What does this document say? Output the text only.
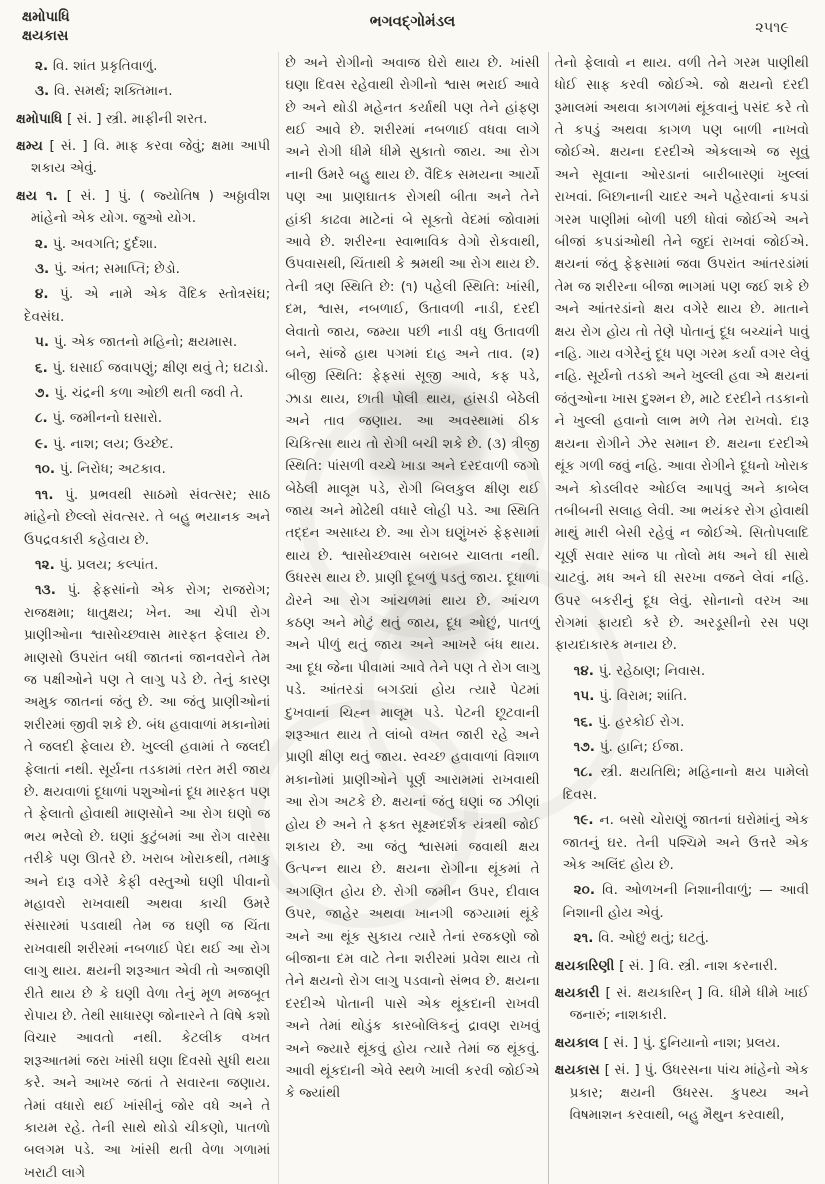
ક્ષમોપાધિ
ક્ષયકાસ
ભગવદ્ગોમંડલ	૨૫૧૯

૨. વિ. શાંત પ્રકૃતિવાળું.

૩. વિ. સમર્થ; શક્તિમાન.

ક્ષમોપાધિ [ સં. ] સ્ત્રી. માફીની શરત.

ક્ષમ્ય [ સં. ] વિ. માફ કરવા જેવું; ક્ષમા આપી શકાય એવું.

ક્ષય ૧. [ સં. ] પું. ( જ્યોતિષ ) અઠ્ઠાવીશ માંહેનો એક યોગ. જુઓ યોગ.

૨. પું. અવગતિ; દુર્દશા.

૩. પું. અંત; સમાપ્તિ; છેડો.

૪. પું. એ નામે એક વૈદિક સ્તોત્રસંઘ; દેવસંઘ.

૫. પું. એક જાતનો મહિનો; ક્ષયમાસ.

૬. પું. ઘસાઈ જવાપણું; ક્ષીણ થવું તે; ઘટાડો.

૭. પું. ચંદ્રની કળા ઓછી થતી જવી તે.

૮. પું. જમીનનો ઘસારો.

૯. પું. નાશ; લય; ઉચ્છેદ.

૧૦. પું. નિરોધ; અટકાવ.

૧૧. પું. પ્રભવથી સાઠમો સંવત્સર; સાઠ માંહેનો છેલ્લો સંવત્સર. તે બહુ ભયાનક અને ઉપદ્રવકારી કહેવાય છે.

૧૨. પું. પ્રલય; કલ્પાંત.

૧૩. પું. ફેફસાંનો એક રોગ; રાજરોગ; રાજક્ષમા; ધાતુક્ષય; ખેન. આ ચેપી રોગ પ્રાણીઓના શ્વાસોચ્છ્વાસ મારફત ફેલાય છે. માણસો ઉપરાંત બધી જાતનાં જાનવરોને તેમ જ પક્ષીઓને પણ તે લાગુ પડે છે. તેનું કારણ અમુક જાતનાં જંતુ છે. આ જંતુ પ્રાણીઓનાં શરીરમાં જીવી શકે છે. બંધ હવાવાળાં મકાનોમાં તે જલદી ફેલાય છે. ખુલ્લી હવામાં તે જલદી ફેલાતાં નથી. સૂર્યના તડકામાં તરત મરી જાય છે. ક્ષયવાળાં દૂધાળાં પશુઓનાં દૂધ મારફત પણ તે ફેલાતો હોવાથી માણસોને આ રોગ ઘણો જ ભય ભરેલો છે. ઘણાં કુટુંબમાં આ રોગ વારસા તરીકે પણ ઊતરે છે. ખરાબ ખોરાકથી, તમાકુ અને દારૂ વગેરે કેફી વસ્તુઓ ઘણી પીવાનો મહાવરો રાખવાથી અથવા કાચી ઉમરે સંસારમાં પડવાથી તેમ જ ઘણી જ ચિંતા રાખવાથી શરીરમાં નબળાઈ પેદા થઈ આ રોગ લાગુ થાય. ક્ષયની શરૂઆત એવી તો અજાણી રીતે થાય છે કે ઘણી વેળા તેનું મૂળ મજબૂત રોપાય છે. તેથી સાધારણ જોનારને તે વિષે કશો વિચાર આવતો નથી. કેટલીક વખત શરૂઆતમાં જરા ખાંસી ઘણા દિવસો સુધી થયા કરે. અને આખર જતાં તે સવારના જણાય. તેમાં વધારો થઈ ખાંસીનું જોર વધે અને તે કાયમ રહે. તેની સાથે થોડો ચીકણો, પાતળો બલગમ પડે. આ ખાંસી થતી વેળા ગળામાં ખરાટી લાગે

છે અને રોગીનો અવાજ ઘેરો થાય છે. ખાંસી ઘણા દિવસ રહેવાથી રોગીનો શ્વાસ ભરાઈ આવે છે અને થોડી મહેનત કર્યાથી પણ તેને હાંફણ થઈ આવે છે. શરીરમાં નબળાઈ વધવા લાગે અને રોગી ધીમે ધીમે સુકાતો જાય. આ રોગ નાની ઉમરે બહુ થાય છે. વૈદિક સમયના આર્યો પણ આ પ્રાણઘાતક રોગથી બીતા અને તેને હાંકી કાઢવા માટેનાં બે સૂક્તો વેદમાં જોવામાં આવે છે. શરીરના સ્વાભાવિક વેગો રોકવાથી, ઉપવાસથી, ચિંતાથી કે શ્રમથી આ રોગ થાય છે. તેની ત્રણ સ્થિતિ છે: (૧) પહેલી સ્થિતિ: ખાંસી, દમ, શ્વાસ, નબળાઈ, ઉતાવળી નાડી, દરદી લેવાતો જાય, જમ્યા પછી નાડી વધુ ઉતાવળી બને, સાંજે હાથ પગમાં દાહ અને તાવ. (૨) બીજી સ્થિતિ: ફેફસાં સૂજી આવે, કફ પડે, ઝાડા થાય, છાતી પોલી થાય, હાંસડી બેઠેલી અને તાવ જણાય. આ અવસ્થામાં ઠીક ચિકિત્સા થાય તો રોગી બચી શકે છે. (૩) ત્રીજી સ્થિતિ: પાંસળી વચ્ચે ખાડા અને દરદવાળી જગો બેઠેલી માલૂમ પડે, રોગી બિલકુલ ક્ષીણ થઈ જાય અને મોઢેથી વધારે લોહી પડે. આ સ્થિતિ તદ્દન અસાધ્ય છે. આ રોગ ઘણુંખરું ફેફસામાં થાય છે. શ્વાસોચ્છ્વાસ બરાબર ચાલતા નથી. ઉધરસ થાય છે. પ્રાણી દૂબળું પડતું જાય. દૂધાળાં ઢોરને આ રોગ આંચળમાં થાય છે. આંચળ કઠણ અને મોટું થતું જાય, દૂધ ઓછું, પાતળું અને પીળું થતું જાય અને આખરે બંધ થાય. આ દૂધ જેના પીવામાં આવે તેને પણ તે રોગ લાગુ પડે. આંતરડાં બગડ્યાં હોય ત્યારે પેટમાં દુખવાનાં ચિહ્ન માલૂમ પડે. પેટની છૂટવાની શરૂઆત થાય તે લાંબો વખત જારી રહે અને પ્રાણી ક્ષીણ થતું જાય. સ્વચ્છ હવાવાળાં વિશાળ મકાનોમાં પ્રાણીઓને પૂર્ણ આરામમાં રાખવાથી આ રોગ અટકે છે. ક્ષયનાં જંતુ ઘણાં જ ઝીણાં હોય છે અને તે ફક્ત સૂક્ષ્મદર્શક યંત્રથી જોઈ શકાય છે. આ જંતુ શ્વાસમાં જવાથી ક્ષય ઉત્પન્ન થાય છે. ક્ષયના રોગીના થૂંકમાં તે અગણિત હોય છે. રોગી જમીન ઉપર, દીવાલ ઉપર, જાહેર અથવા ખાનગી જગ્યામાં થૂંકે અને આ થૂંક સુકાય ત્યારે તેનાં રજકણો જો બીજાના દમ વાટે તેના શરીરમાં પ્રવેશ થાય તો તેને ક્ષયનો રોગ લાગુ પડવાનો સંભવ છે. ક્ષયના દરદીએ પોતાની પાસે એક થૂંકદાની રાખવી અને તેમાં થોડુંક કારબોલિકનું દ્રાવણ રાખવું અને જ્યારે થૂંકવું હોય ત્યારે તેમાં જ થૂંકવું. આવી થૂંકદાની એવે સ્થળે ખાલી કરવી જોઈએ કે જ્યાંથી

તેનો ફેલાવો ન થાય. વળી તેને ગરમ પાણીથી ધોઈ સાફ કરવી જોઈએ. જો ક્ષયનો દરદી રૂમાલમાં અથવા કાગળમાં થૂંકવાનું પસંદ કરે તો તે કપડું અથવા કાગળ પણ બાળી નાખવો જોઈએ. ક્ષયના દરદીએ એકલાએ જ સૂવું અને સૂવાના ઓરડાનાં બારીબારણાં ખુલ્લાં રાખવાં. બિછાનાની ચાદર અને પહેરવાનાં કપડાં ગરમ પાણીમાં બોળી પછી ધોવાં જોઈએ અને બીજાં કપડાંઓથી તેને જુદાં રાખવાં જોઈએ. ક્ષયનાં જંતુ ફેફસામાં જવા ઉપરાંત આંતરડાંમાં તેમ જ શરીરના બીજા ભાગમાં પણ જઈ શકે છે અને આંતરડાંનો ક્ષય વગેરે થાય છે. માતાને ક્ષય રોગ હોય તો તેણે પોતાનું દૂધ બચ્ચાંને પાવું નહિ. ગાય વગેરેનું દૂધ પણ ગરમ કર્યા વગર લેવું નહિ. સૂર્યનો તડકો અને ખુલ્લી હવા એ ક્ષયનાં જંતુઓના ખાસ દુશ્મન છે, માટે દરદીને તડકાનો ને ખુલ્લી હવાનો લાભ મળે તેમ રાખવો. દારૂ ક્ષયના રોગીને ઝેર સમાન છે. ક્ષયના દરદીએ થૂંક ગળી જવું નહિ. આવા રોગીને દૂધનો ખોરાક અને કોડલીવર ઓઈલ આપવું અને કાબેલ તબીબની સલાહ લેવી. આ ભયંકર રોગ હોવાથી માથું મારી બેસી રહેવું ન જોઈએ. સિતોપલાદિ ચૂર્ણ સવાર સાંજ પા તોલો મધ અને ઘી સાથે ચાટવું. મધ અને ઘી સરખા વજને લેવાં નહિ. ઉપર બકરીનું દૂધ લેવું. સોનાનો વરખ આ રોગમાં ફાયદો કરે છે. અરડૂસીનો રસ પણ ફાયદાકારક મનાય છે.

૧૪. પું. રહેઠાણ; નિવાસ.

૧૫. પું. વિરામ; શાંતિ.

૧૬. પું. હરકોઈ રોગ.

૧૭. પું. હાનિ; ઈજા.

૧૮. સ્ત્રી. ક્ષયતિથિ; મહિનાનો ક્ષય પામેલો દિવસ.

૧૯. ન. બસો ચોરાણું જાતનાં ઘરોમાંનું એક જાતનું ઘર. તેની પશ્ચિમે અને ઉત્તરે એક એક અલિંદ હોય છે.

૨૦. વિ. ઓળખની નિશાનીવાળું; — આવી નિશાની હોય એવું.

૨૧. વિ. ઓછું થતું; ઘટતું.

ક્ષયકારિણી [ સં. ] વિ. સ્ત્રી. નાશ કરનારી.

ક્ષયકારી [ સં. ક્ષયકારિન્ ] વિ. ધીમે ધીમે ખાઈ જનારું; નાશકારી.

ક્ષયકાલ [ સં. ] પું. દુનિયાનો નાશ; પ્રલય.

ક્ષયકાસ [ સં. ] પું. ઉધરસના પાંચ માંહેનો એક પ્રકાર; ક્ષયની ઉધરસ. કુપથ્ય અને વિષમાશન કરવાથી, બહુ મૈથુન કરવાથી,
